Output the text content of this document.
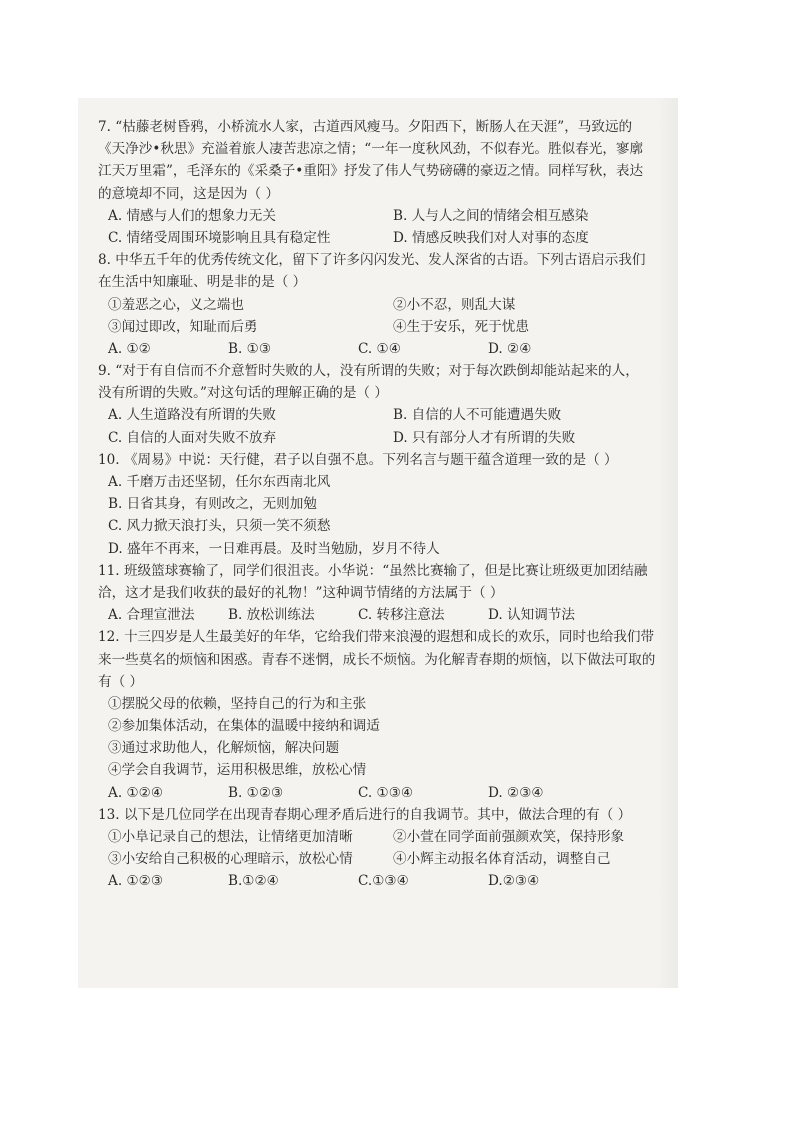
7. “枯藤老树昏鸦，小桥流水人家，古道西风瘦马。夕阳西下，断肠人在天涯”，马致远的
《天净沙•秋思》充溢着旅人凄苦悲凉之情；“一年一度秋风劲，不似春光。胜似春光，寥廓
江天万里霜”，毛泽东的《采桑子•重阳》抒发了伟人气势磅礴的豪迈之情。同样写秋，表达
的意境却不同，这是因为（ ）
A. 情感与人们的想象力无关	B. 人与人之间的情绪会相互感染
C. 情绪受周围环境影响且具有稳定性	D. 情感反映我们对人对事的态度
8. 中华五千年的优秀传统文化，留下了许多闪闪发光、发人深省的古语。下列古语启示我们
在生活中知廉耻、明是非的是（ ）
①羞恶之心，义之端也	②小不忍，则乱大谋
③闻过即改，知耻而后勇	④生于安乐，死于忧患
A. ①②	B. ①③	C. ①④	D. ②④
9. “对于有自信而不介意暂时失败的人，没有所谓的失败；对于每次跌倒却能站起来的人，
没有所谓的失败。”对这句话的理解正确的是（ ）
A. 人生道路没有所谓的失败	B. 自信的人不可能遭遇失败
C. 自信的人面对失败不放弃	D. 只有部分人才有所谓的失败
10. 《周易》中说：天行健，君子以自强不息。下列名言与题干蕴含道理一致的是（ ）
A. 千磨万击还坚韧，任尔东西南北风
B. 日省其身，有则改之，无则加勉
C. 风力掀天浪打头，只须一笑不须愁
D. 盛年不再来，一日难再晨。及时当勉励，岁月不待人
11. 班级篮球赛输了，同学们很沮丧。小华说：“虽然比赛输了，但是比赛让班级更加团结融
洽，这才是我们收获的最好的礼物！”这种调节情绪的方法属于（ ）
A. 合理宣泄法	B. 放松训练法	C. 转移注意法	D. 认知调节法
12. 十三四岁是人生最美好的年华，它给我们带来浪漫的遐想和成长的欢乐，同时也给我们带
来一些莫名的烦恼和困惑。青春不迷惘，成长不烦恼。为化解青春期的烦恼，以下做法可取的
有（ ）
①摆脱父母的依赖，坚持自己的行为和主张
②参加集体活动，在集体的温暖中接纳和调适
③通过求助他人，化解烦恼，解决问题
④学会自我调节，运用积极思维，放松心情
A. ①②④	B. ①②③	C. ①③④	D. ②③④
13. 以下是几位同学在出现青春期心理矛盾后进行的自我调节。其中，做法合理的有（ ）
①小阜记录自己的想法，让情绪更加清晰	②小萱在同学面前强颜欢笑，保持形象
③小安给自己积极的心理暗示，放松心情	④小辉主动报名体育活动，调整自己
A. ①②③	B.①②④	C.①③④	D.②③④
